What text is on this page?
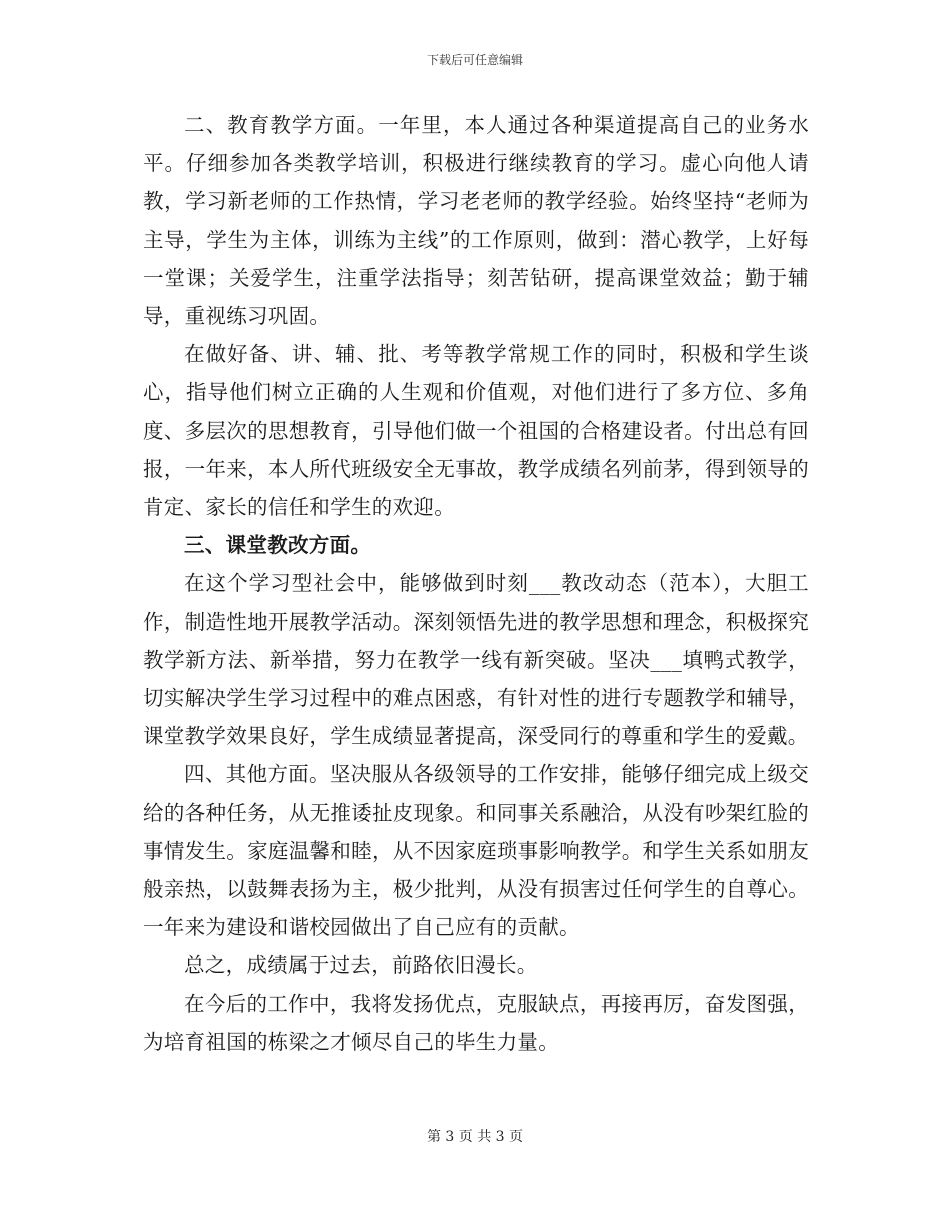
下载后可任意编辑

二、教育教学方面。一年里，本人通过各种渠道提高自己的业务水平。仔细参加各类教学培训，积极进行继续教育的学习。虚心向他人请教，学习新老师的工作热情，学习老老师的教学经验。始终坚持“老师为主导，学生为主体，训练为主线”的工作原则，做到：潜心教学，上好每一堂课；关爱学生，注重学法指导；刻苦钻研，提高课堂效益；勤于辅导，重视练习巩固。

在做好备、讲、辅、批、考等教学常规工作的同时，积极和学生谈心，指导他们树立正确的人生观和价值观，对他们进行了多方位、多角度、多层次的思想教育，引导他们做一个祖国的合格建设者。付出总有回报，一年来，本人所代班级安全无事故，教学成绩名列前茅，得到领导的肯定、家长的信任和学生的欢迎。

三、课堂教改方面。

在这个学习型社会中，能够做到时刻___教改动态（范本），大胆工作，制造性地开展教学活动。深刻领悟先进的教学思想和理念，积极探究教学新方法、新举措，努力在教学一线有新突破。坚决___填鸭式教学，切实解决学生学习过程中的难点困惑，有针对性的进行专题教学和辅导，课堂教学效果良好，学生成绩显著提高，深受同行的尊重和学生的爱戴。

四、其他方面。坚决服从各级领导的工作安排，能够仔细完成上级交给的各种任务，从无推诿扯皮现象。和同事关系融洽，从没有吵架红脸的事情发生。家庭温馨和睦，从不因家庭琐事影响教学。和学生关系如朋友般亲热，以鼓舞表扬为主，极少批判，从没有损害过任何学生的自尊心。一年来为建设和谐校园做出了自己应有的贡献。

总之，成绩属于过去，前路依旧漫长。

在今后的工作中，我将发扬优点，克服缺点，再接再厉，奋发图强，为培育祖国的栋梁之才倾尽自己的毕生力量。

第 3 页 共 3 页
